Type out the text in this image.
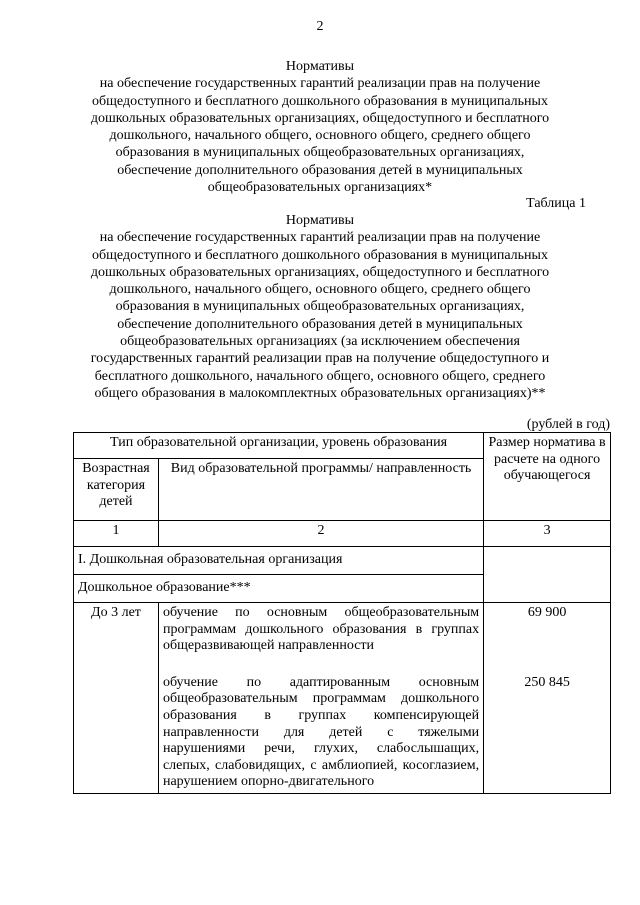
2
Нормативы
на обеспечение государственных гарантий реализации прав на получение
общедоступного и бесплатного дошкольного образования в муниципальных
дошкольных образовательных организациях, общедоступного и бесплатного
дошкольного, начального общего, основного общего, среднего общего
образования в муниципальных общеобразовательных организациях,
обеспечение дополнительного образования детей в муниципальных
общеобразовательных организациях*
Таблица 1
Нормативы
на обеспечение государственных гарантий реализации прав на получение
общедоступного и бесплатного дошкольного образования в муниципальных
дошкольных образовательных организациях, общедоступного и бесплатного
дошкольного, начального общего, основного общего, среднего общего
образования в муниципальных общеобразовательных организациях,
обеспечение дополнительного образования детей в муниципальных
общеобразовательных организациях (за исключением обеспечения
государственных гарантий реализации прав на получение общедоступного и
бесплатного дошкольного, начального общего, основного общего, среднего
общего образования в малокомплектных образовательных организациях)**
(рублей в год)
Тип образовательной организации, уровень образования		Размер норматива в расчете на одного обучающегося
Возрастная категория детей	Вид образовательной программы/ направленность	
1	2	3
I. Дошкольная образовательная организация		
Дошкольное образование***		
До 3 лет	обучение по основным общеобразовательным программам дошкольного образования в группах общеразвивающей направленности	69 900
	обучение по адаптированным основным общеобразовательным программам дошкольного образования в группах компенсирующей направленности для детей с тяжелыми нарушениями речи, глухих, слабослышащих, слепых, слабовидящих, с амблиопией, косоглазием, нарушением опорно-двигательного	250 845
